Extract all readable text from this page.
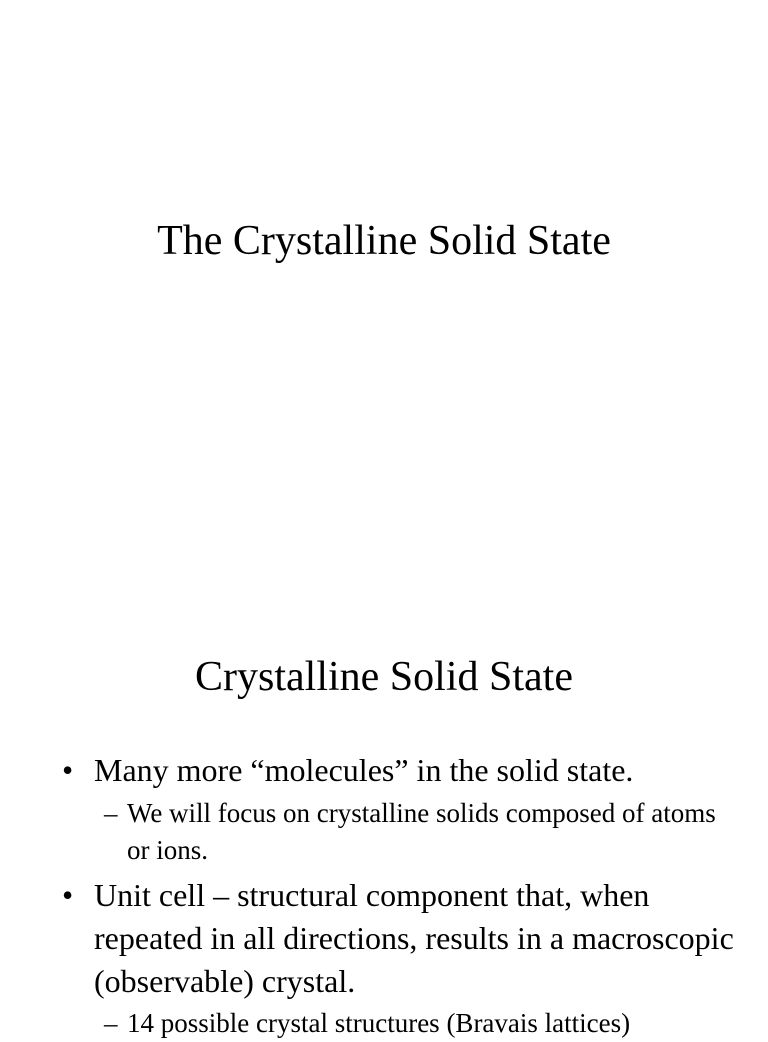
The Crystalline Solid State
Crystalline Solid State
• Many more “molecules” in the solid state.
– We will focus on crystalline solids composed of atoms or ions.
• Unit cell – structural component that, when repeated in all directions, results in a macroscopic (observable) crystal.
– 14 possible crystal structures (Bravais lattices)
